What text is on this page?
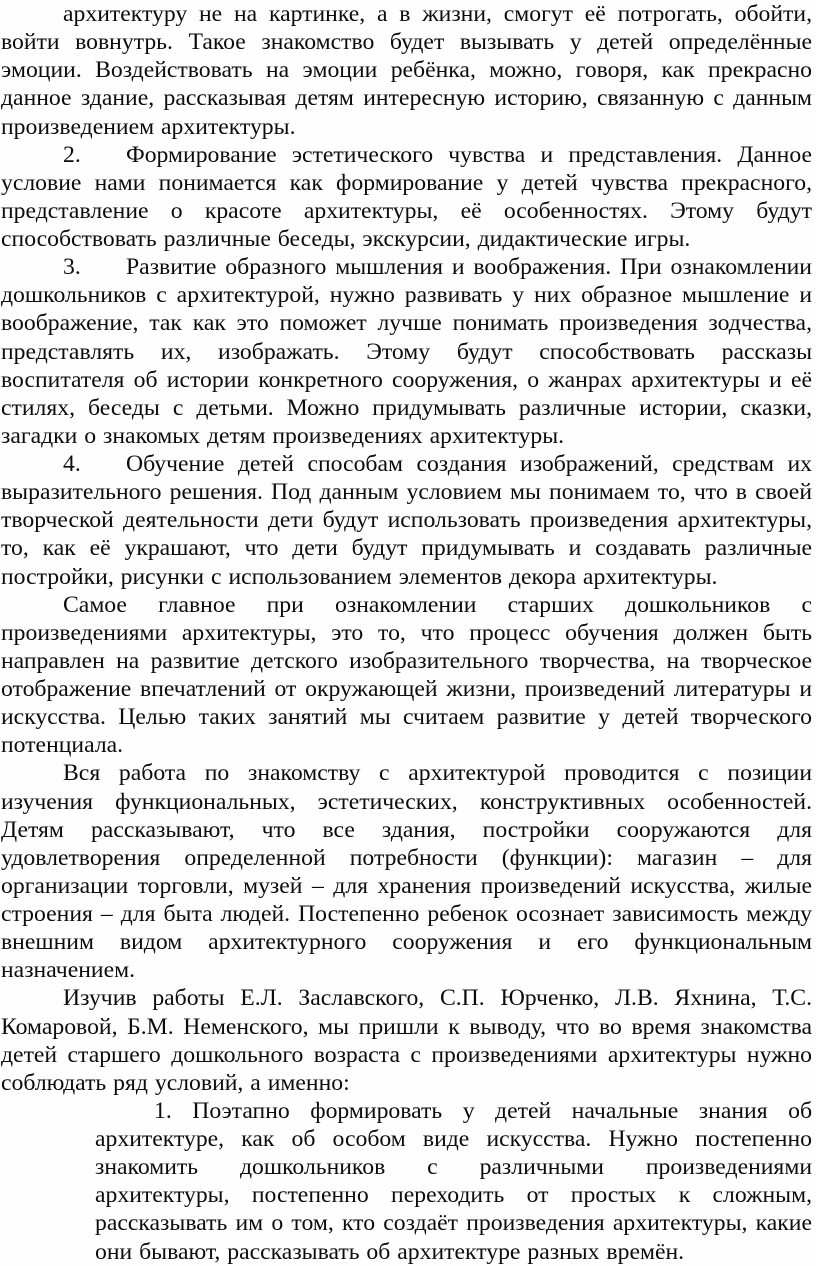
архитектуру не на картинке, а в жизни, смогут её потрогать, обойти, войти вовнутрь. Такое знакомство будет вызывать у детей определённые эмоции. Воздействовать на эмоции ребёнка, можно, говоря, как прекрасно данное здание, рассказывая детям интересную историю, связанную с данным произведением архитектуры.

2. Формирование эстетического чувства и представления. Данное условие нами понимается как формирование у детей чувства прекрасного, представление о красоте архитектуры, её особенностях. Этому будут способствовать различные беседы, экскурсии, дидактические игры.

3. Развитие образного мышления и воображения. При ознакомлении дошкольников с архитектурой, нужно развивать у них образное мышление и воображение, так как это поможет лучше понимать произведения зодчества, представлять их, изображать. Этому будут способствовать рассказы воспитателя об истории конкретного сооружения, о жанрах архитектуры и её стилях, беседы с детьми. Можно придумывать различные истории, сказки, загадки о знакомых детям произведениях архитектуры.

4. Обучение детей способам создания изображений, средствам их выразительного решения. Под данным условием мы понимаем то, что в своей творческой деятельности дети будут использовать произведения архитектуры, то, как её украшают, что дети будут придумывать и создавать различные постройки, рисунки с использованием элементов декора архитектуры.

Самое главное при ознакомлении старших дошкольников с произведениями архитектуры, это то, что процесс обучения должен быть направлен на развитие детского изобразительного творчества, на творческое отображение впечатлений от окружающей жизни, произведений литературы и искусства. Целью таких занятий мы считаем развитие у детей творческого потенциала.

Вся работа по знакомству с архитектурой проводится с позиции изучения функциональных, эстетических, конструктивных особенностей. Детям рассказывают, что все здания, постройки сооружаются для удовлетворения определенной потребности (функции): магазин – для организации торговли, музей – для хранения произведений искусства, жилые строения – для быта людей. Постепенно ребенок осознает зависимость между внешним видом архитектурного сооружения и его функциональным назначением.

Изучив работы Е.Л. Заславского, С.П. Юрченко, Л.В. Яхнина, Т.С. Комаровой, Б.М. Неменского, мы пришли к выводу, что во время знакомства детей старшего дошкольного возраста с произведениями архитектуры нужно соблюдать ряд условий, а именно:

1. Поэтапно формировать у детей начальные знания об архитектуре, как об особом виде искусства. Нужно постепенно знакомить дошкольников с различными произведениями архитектуры, постепенно переходить от простых к сложным, рассказывать им о том, кто создаёт произведения архитектуры, какие они бывают, рассказывать об архитектуре разных времён.
